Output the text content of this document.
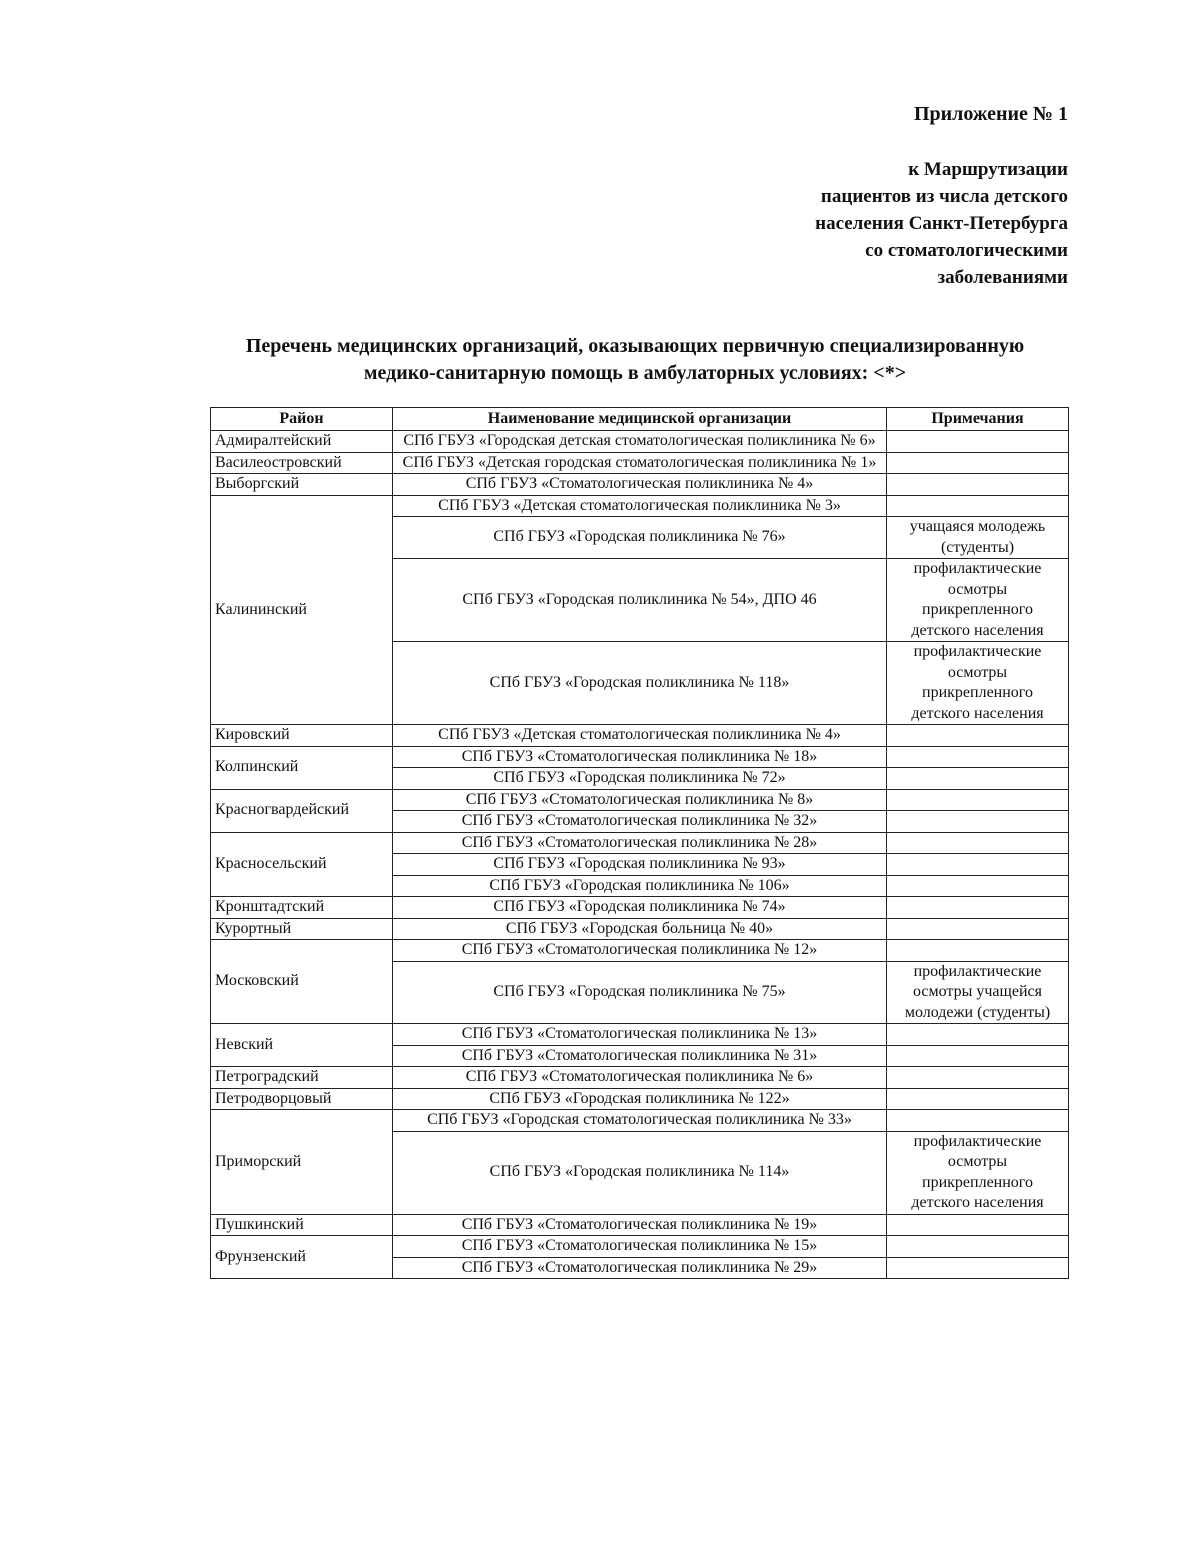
Приложение № 1
к Маршрутизации
пациентов из числа детского
населения Санкт-Петербурга
со стоматологическими
заболеваниями
Перечень медицинских организаций, оказывающих первичную специализированную
медико-санитарную помощь в амбулаторных условиях: <*>
Район	Наименование медицинской организации	Примечания
Адмиралтейский	СПб ГБУЗ «Городская детская стоматологическая поликлиника № 6»	
Василеостровский	СПб ГБУЗ «Детская городская стоматологическая поликлиника № 1»	
Выборгский	СПб ГБУЗ «Стоматологическая поликлиника № 4»	
Калининский	СПб ГБУЗ «Детская стоматологическая поликлиника № 3»	
	СПб ГБУЗ «Городская поликлиника № 76»	учащаяся молодежь (студенты)
	СПб ГБУЗ «Городская поликлиника № 54», ДПО 46	профилактические осмотры прикрепленного детского населения
	СПб ГБУЗ «Городская поликлиника № 118»	профилактические осмотры прикрепленного детского населения
Кировский	СПб ГБУЗ «Детская стоматологическая поликлиника № 4»	
Колпинский	СПб ГБУЗ «Стоматологическая поликлиника № 18»	
	СПб ГБУЗ «Городская поликлиника № 72»	
Красногвардейский	СПб ГБУЗ «Стоматологическая поликлиника № 8»	
	СПб ГБУЗ «Стоматологическая поликлиника № 32»	
Красносельский	СПб ГБУЗ «Стоматологическая поликлиника № 28»	
	СПб ГБУЗ «Городская поликлиника № 93»	
	СПб ГБУЗ «Городская поликлиника № 106»	
Кронштадтский	СПб ГБУЗ «Городская поликлиника № 74»	
Курортный	СПб ГБУЗ «Городская больница № 40»	
Московский	СПб ГБУЗ «Стоматологическая поликлиника № 12»	
	СПб ГБУЗ «Городская поликлиника № 75»	профилактические осмотры учащейся молодежи (студенты)
Невский	СПб ГБУЗ «Стоматологическая поликлиника № 13»	
	СПб ГБУЗ «Стоматологическая поликлиника № 31»	
Петроградский	СПб ГБУЗ «Стоматологическая поликлиника № 6»	
Петродворцовый	СПб ГБУЗ «Городская поликлиника № 122»	
Приморский	СПб ГБУЗ «Городская стоматологическая поликлиника № 33»	
	СПб ГБУЗ «Городская поликлиника № 114»	профилактические осмотры прикрепленного детского населения
Пушкинский	СПб ГБУЗ «Стоматологическая поликлиника № 19»	
Фрунзенский	СПб ГБУЗ «Стоматологическая поликлиника № 15»	
	СПб ГБУЗ «Стоматологическая поликлиника № 29»	
